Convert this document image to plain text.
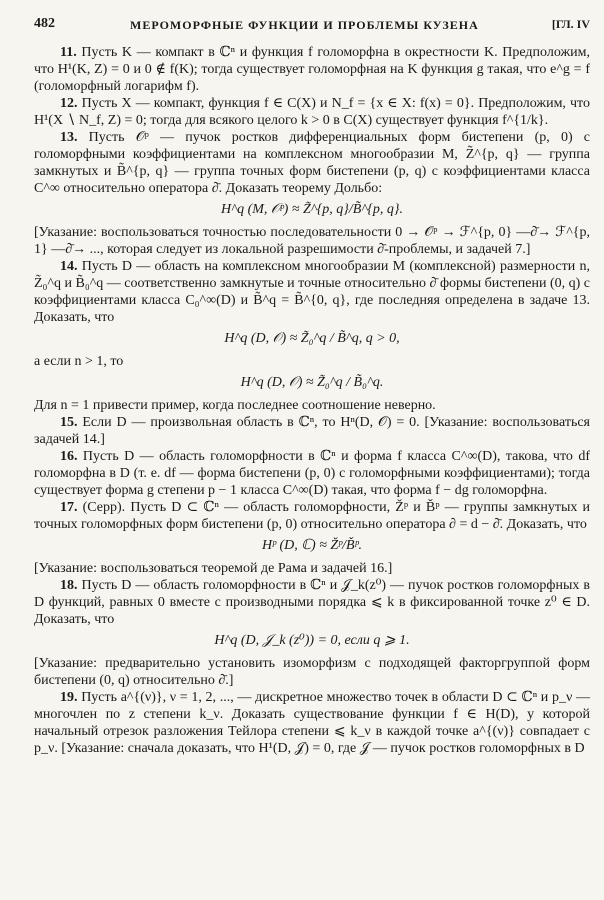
482	МЕРОМОРФНЫЕ ФУНКЦИИ И ПРОБЛЕМЫ КУЗЕНА	[ГЛ. IV

11. Пусть K — компакт в ℂⁿ и функция f голоморфна в окрестности K. Предположим, что H¹(K, Z) = 0 и 0 ∉ f(K); тогда существует голоморфная на K функция g такая, что e^g = f (голоморфный логарифм f).

12. Пусть X — компакт, функция f ∈ C(X) и N_f = {x ∈ X: f(x) = 0}. Предположим, что H¹(X ∖ N_f, Z) = 0; тогда для всякого целого k > 0 в C(X) существует функция f^{1/k}.

13. Пусть 𝒪ᵖ — пучок ростков дифференциальных форм бистепени (p, 0) с голоморфными коэффициентами на комплексном многообразии M, Z̃^{p, q} — группа замкнутых и B̃^{p, q} — группа точных форм бистепени (p, q) с коэффициентами класса C^∞ относительно оператора ∂̄. Доказать теорему Дольбо:

H^q (M, 𝒪ᵖ) ≈ Z̃^{p, q}/B̃^{p, q}.

[Указание: воспользоваться точностью последовательности 0 → 𝒪ᵖ → ℱ^{p, 0} —∂̄→ ℱ^{p, 1} —∂̄→ ..., которая следует из локальной разрешимости ∂̄-проблемы, и задачей 7.]

14. Пусть D — область на комплексном многообразии M (комплексной) размерности n, Z̃₀^q и B̃₀^q — соответственно замкнутые и точные относительно ∂̄ формы бистепени (0, q) с коэффициентами класса C₀^∞(D) и B̃^q = B̃^{0, q}, где последняя определена в задаче 13. Доказать, что

H^q (D, 𝒪) ≈ Z̃₀^q / B̃^q, q > 0,

а если n > 1, то

H^q (D, 𝒪) ≈ Z̃₀^q / B̃₀^q.

Для n = 1 привести пример, когда последнее соотношение неверно.

15. Если D — произвольная область в ℂⁿ, то Hⁿ(D, 𝒪) = 0. [Указание: воспользоваться задачей 14.]

16. Пусть D — область голоморфности в ℂⁿ и форма f класса C^∞(D), такова, что df голоморфна в D (т. е. df — форма бистепени (p, 0) с голоморфными коэффициентами); тогда существует форма g степени p − 1 класса C^∞(D) такая, что форма f − dg голоморфна.

17. (Серр). Пусть D ⊂ ℂⁿ — область голоморфности, Žᵖ и B̌ᵖ — группы замкнутых и точных голоморфных форм бистепени (p, 0) относительно оператора ∂ = d − ∂̄. Доказать, что

Hᵖ (D, ℂ) ≈ Žᵖ/B̌ᵖ.

[Указание: воспользоваться теоремой де Рама и задачей 16.]

18. Пусть D — область голоморфности в ℂⁿ и 𝒥_k(z⁰) — пучок ростков голоморфных в D функций, равных 0 вместе с производными порядка ⩽ k в фиксированной точке z⁰ ∈ D. Доказать, что

H^q (D, 𝒥_k (z⁰)) = 0, если q ⩾ 1.

[Указание: предварительно установить изоморфизм с подходящей факторгруппой форм бистепени (0, q) относительно ∂̄.]

19. Пусть a^{(ν)}, ν = 1, 2, ..., — дискретное множество точек в области D ⊂ ℂⁿ и p_ν — многочлен по z степени k_ν. Доказать существование функции f ∈ H(D), у которой начальный отрезок разложения Тейлора степени ⩽ k_ν в каждой точке a^{(ν)} совпадает с p_ν. [Указание: сначала доказать, что H¹(D, 𝒥) = 0, где 𝒥 — пучок ростков голоморфных в D
